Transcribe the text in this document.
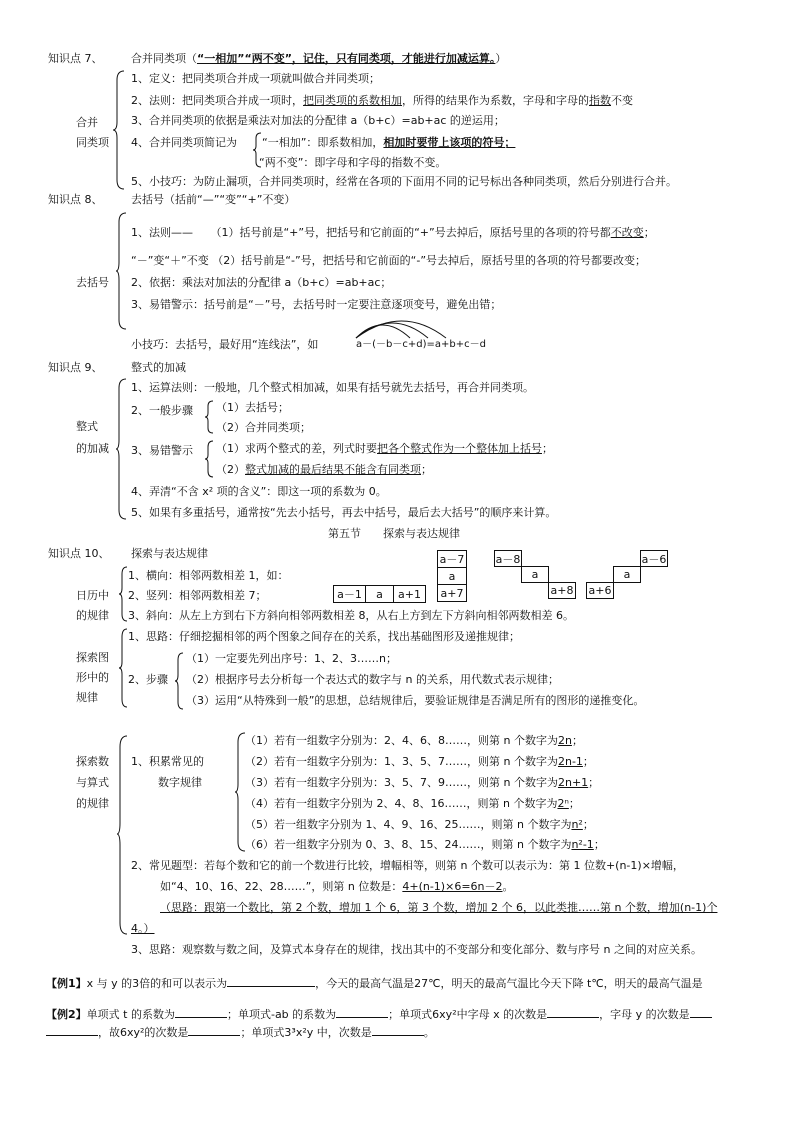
知识点 7、	合并同类项（“一相加”“两不变”，记住，只有同类项，才能进行加减运算。）
合并
同类项
1、定义：把同类项合并成一项就叫做合并同类项；
2、法则：把同类项合并成一项时，把同类项的系数相加，所得的结果作为系数，字母和字母的指数不变
3、合并同类项的依据是乘法对加法的分配律 a（b+c）=ab+ac 的逆运用；
4、合并同类项简记为 “一相加”：即系数相加，相加时要带上该项的符号；
“两不变”：即字母和字母的指数不变。
5、小技巧：为防止漏项，合并同类项时，经常在各项的下面用不同的记号标出各种同类项，然后分别进行合并。
知识点 8、	去括号（括前“—”“变”“+”不变）
去括号
1、法则—— （1）括号前是“+”号，把括号和它前面的“+”号去掉后，原括号里的各项的符号都不改变；
“－”变“＋”不变 （2）括号前是“-”号，把括号和它前面的“-”号去掉后，原括号里的各项的符号都要改变；
2、依据：乘法对加法的分配律 a（b+c）=ab+ac；
3、易错警示：括号前是“－”号，去括号时一定要注意逐项变号，避免出错；
小技巧：去括号，最好用“连线法”，如	a－(－b－c+d)=a+b+c－d
知识点 9、	整式的加减
整式
的加减
1、运算法则：一般地，几个整式相加减，如果有括号就先去括号，再合并同类项。
2、一般步骤 （1）去括号；
（2）合并同类项；
3、易错警示 （1）求两个整式的差，列式时要把各个整式作为一个整体加上括号；
（2）整式加减的最后结果不能含有同类项；
4、弄清“不含 x² 项的含义”：即这一项的系数为 0。
5、如果有多重括号，通常按“先去小括号，再去中括号，最后去大括号”的顺序来计算。
第五节　　探索与表达规律
知识点 10、 探索与表达规律
日历中
的规律
1、横向：相邻两数相差 1，如：
2、竖列：相邻两数相差 7；
3、斜向：从左上方到右下方斜向相邻两数相差 8，从右上方到左下方斜向相邻两数相差 6。
a－1	a	a+1
a－7
a
a+7
a－8
a
a+8
a－6
a
a+6
探索图
形中的
规律
1、思路：仔细挖掘相邻的两个图象之间存在的关系，找出基础图形及递推规律；
2、步骤
（1）一定要先列出序号：1、2、3……n；
（2）根据序号去分析每一个表达式的数字与 n 的关系，用代数式表示规律；
（3）运用“从特殊到一般”的思想，总结规律后，要验证规律是否满足所有的图形的递推变化。
探索数
与算式
的规律
1、积累常见的
数字规律
（1）若有一组数字分别为：2、4、6、8……，则第 n 个数字为2n；
（2）若有一组数字分别为：1、3、5、7……，则第 n 个数字为2n-1；
（3）若有一组数字分别为：3、5、7、9……，则第 n 个数字为2n+1；
（4）若有一组数字分别为 2、4、8、16……，则第 n 个数字为2ⁿ；
（5）若一组数字分别为 1、4、9、16、25……，则第 n 个数字为n²；
（6）若一组数字分别为 0、3、8、15、24……，则第 n 个数字为n²-1；
2、常见题型：若每个数和它的前一个数进行比较，增幅相等，则第 n 个数可以表示为：第 1 位数+(n-1)×增幅，
如“4、10、16、22、28……”，则第 n 位数是：4+(n-1)×6=6n－2。
（思路：跟第一个数比，第 2 个数，增加 1 个 6，第 3 个数，增加 2 个 6，以此类推……第 n 个数，增加(n-1)个
4。）
3、思路：观察数与数之间，及算式本身存在的规律，找出其中的不变部分和变化部分、数与序号 n 之间的对应关系。
【例1】x 与 y 的3倍的和可以表示为	，今天的最高气温是27℃，明天的最高气温比今天下降 t℃，明天的最高气温是
【例2】单项式 t 的系数为	；单项式-ab 的系数为	；单项式6xy²中字母 x 的次数是	，字母 y 的次数是
，故6xy²的次数是	；单项式3³x²y 中，次数是	。
